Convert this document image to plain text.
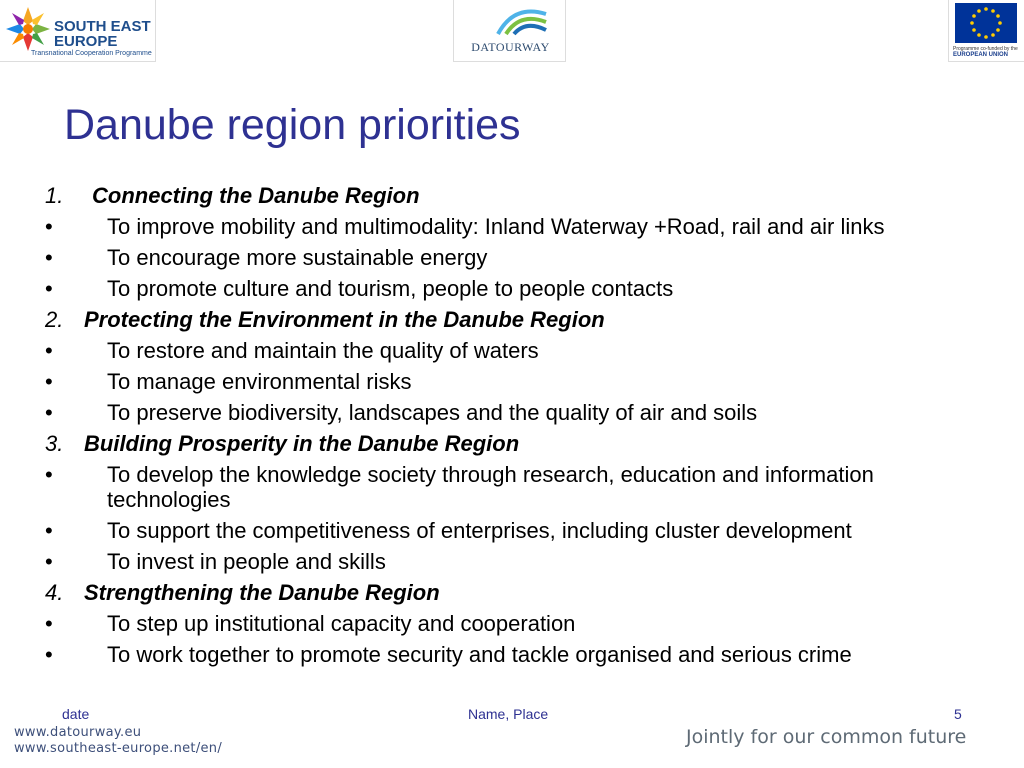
SOUTH EAST
EUROPE
Transnational Cooperation Programme	DATOURWAY	Programme co-funded by the
EUROPEAN UNION
Danube region priorities
1. Connecting the Danube Region
•	To improve mobility and multimodality: Inland Waterway +Road, rail and air links
•	To encourage more sustainable energy
•	To promote culture and tourism, people to people contacts
2. Protecting the Environment in the Danube Region
•	To restore and maintain the quality of waters
•	To manage environmental risks
•	To preserve biodiversity, landscapes and the quality of air and soils
3. Building Prosperity in the Danube Region
•	To develop the knowledge society through research, education and information technologies
•	To support the competitiveness of enterprises, including cluster development
•	To invest in people and skills
4. Strengthening the Danube Region
•	To step up institutional capacity and cooperation
•	To work together to promote security and tackle organised and serious crime
date	Name, Place	5
www.datourway.eu
www.southeast-europe.net/en/
Jointly for our common future
